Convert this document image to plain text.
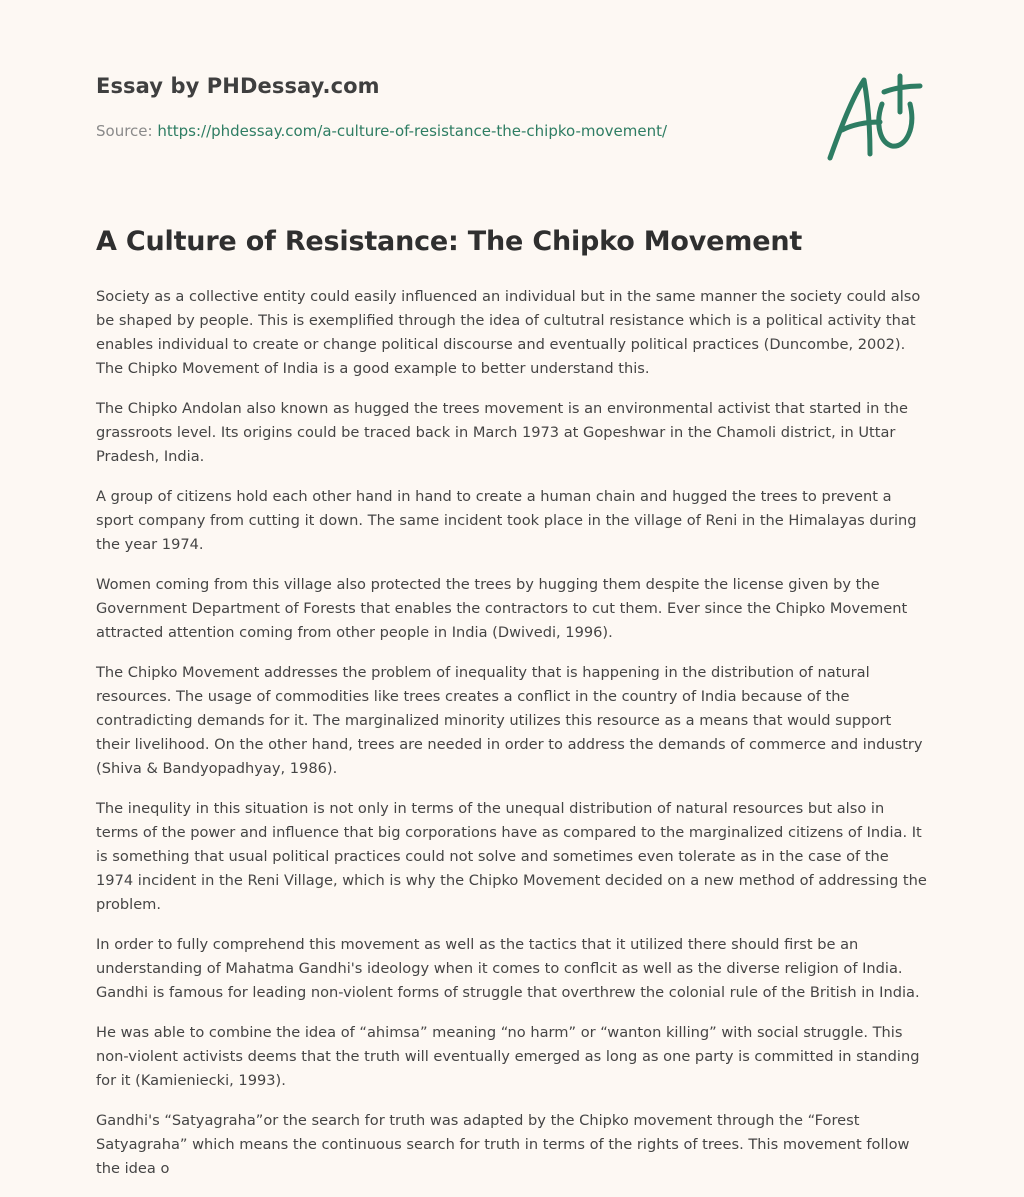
Essay by PHDessay.com
Source: https://phdessay.com/a-culture-of-resistance-the-chipko-movement/
A Culture of Resistance: The Chipko Movement

Society as a collective entity could easily influenced an individual but in the same manner the society could also be shaped by people. This is exemplified through the idea of cultutral resistance which is a political activity that enables individual to create or change political discourse and eventually political practices (Duncombe, 2002). The Chipko Movement of India is a good example to better understand this.

The Chipko Andolan also known as hugged the trees movement is an environmental activist that started in the grassroots level. Its origins could be traced back in March 1973 at Gopeshwar in the Chamoli district, in Uttar Pradesh, India.

A group of citizens hold each other hand in hand to create a human chain and hugged the trees to prevent a sport company from cutting it down. The same incident took place in the village of Reni in the Himalayas during the year 1974.

Women coming from this village also protected the trees by hugging them despite the license given by the Government Department of Forests that enables the contractors to cut them. Ever since the Chipko Movement attracted attention coming from other people in India (Dwivedi, 1996).

The Chipko Movement addresses the problem of inequality that is happening in the distribution of natural resources. The usage of commodities like trees creates a conflict in the country of India because of the contradicting demands for it. The marginalized minority utilizes this resource as a means that would support their livelihood. On the other hand, trees are needed in order to address the demands of commerce and industry (Shiva & Bandyopadhyay, 1986).

The inequlity in this situation is not only in terms of the unequal distribution of natural resources but also in terms of the power and influence that big corporations have as compared to the marginalized citizens of India. It is something that usual political practices could not solve and sometimes even tolerate as in the case of the 1974 incident in the Reni Village, which is why the Chipko Movement decided on a new method of addressing the problem.

In order to fully comprehend this movement as well as the tactics that it utilized there should first be an understanding of Mahatma Gandhi's ideology when it comes to conflcit as well as the diverse religion of India. Gandhi is famous for leading non-violent forms of struggle that overthrew the colonial rule of the British in India.

He was able to combine the idea of “ahimsa” meaning “no harm” or “wanton killing” with social struggle. This non-violent activists deems that the truth will eventually emerged as long as one party is committed in standing for it (Kamieniecki, 1993).

Gandhi's “Satyagraha”or the search for truth was adapted by the Chipko movement through the “Forest Satyagraha” which means the continuous search for truth in terms of the rights of trees. This movement follow the idea o
